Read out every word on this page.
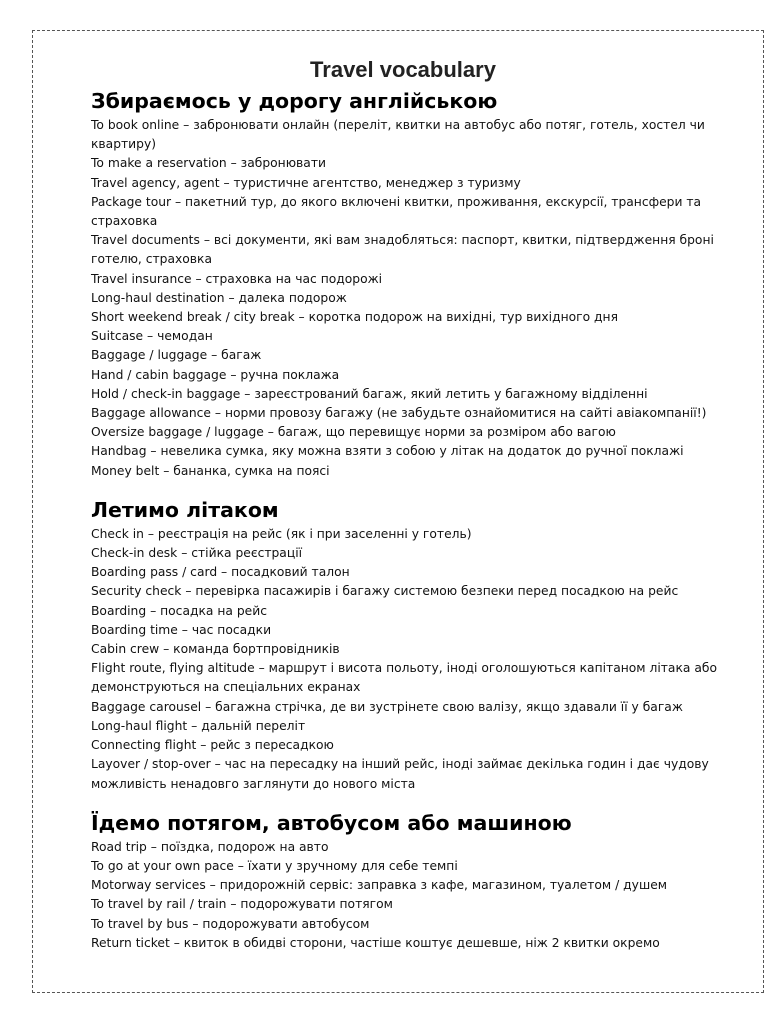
Travel vocabulary
Збираємось у дорогу англійською

To book online – забронювати онлайн (переліт, квитки на автобус або потяг, готель, хостел чи квартиру)

To make a reservation – забронювати

Travel agency, agent – туристичне агентство, менеджер з туризму

Package tour – пакетний тур, до якого включені квитки, проживання, екскурсії, трансфери та страховка

Travel documents – всі документи, які вам знадобляться: паспорт, квитки, підтвердження броні готелю, страховка

Travel insurance – страховка на час подорожі

Long-haul destination – далека подорож

Short weekend break / city break – коротка подорож на вихідні, тур вихідного дня

Suitcase – чемодан

Baggage / luggage – багаж

Hand / cabin baggage – ручна поклажа

Hold / check-in baggage – зареєстрований багаж, який летить у багажному відділенні

Baggage allowance – норми провозу багажу (не забудьте ознайомитися на сайті авіакомпанії!)

Oversize baggage / luggage – багаж, що перевищує норми за розміром або вагою

Handbag – невелика сумка, яку можна взяти з собою у літак на додаток до ручної поклажі

Money belt – бананка, сумка на поясі

Летимо літаком

Check in – реєстрація на рейс (як і при заселенні у готель)

Check-in desk – стійка реєстрації

Boarding pass / card – посадковий талон

Security check – перевірка пасажирів і багажу системою безпеки перед посадкою на рейс

Boarding – посадка на рейс

Boarding time – час посадки

Cabin crew – команда бортпровідників

Flight route, flying altitude – маршрут і висота польоту, іноді оголошуються капітаном літака або демонструються на спеціальних екранах

Baggage carousel – багажна стрічка, де ви зустрінете свою валізу, якщо здавали її у багаж

Long-haul flight – дальній переліт

Connecting flight – рейс з пересадкою

Layover / stop-over – час на пересадку на інший рейс, іноді займає декілька годин і дає чудову можливість ненадовго заглянути до нового міста

Їдемо потягом, автобусом або машиною

Road trip – поїздка, подорож на авто

To go at your own pace – їхати у зручному для себе темпі

Motorway services – придорожній сервіс: заправка з кафе, магазином, туалетом / душем

To travel by rail / train – подорожувати потягом

To travel by bus – подорожувати автобусом

Return ticket – квиток в обидві сторони, частіше коштує дешевше, ніж 2 квитки окремо
